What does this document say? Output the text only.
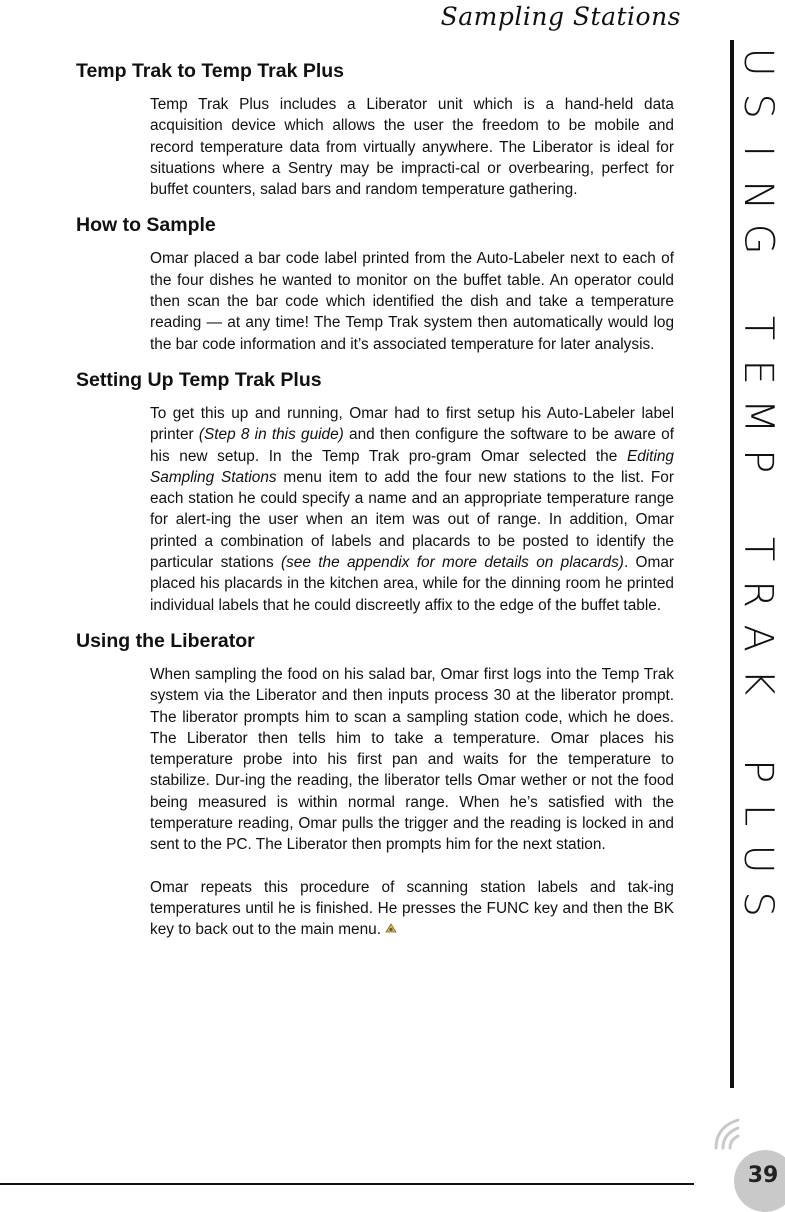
Sampling Stations
Temp Trak to Temp Trak Plus

Temp Trak Plus includes a Liberator unit which is a hand-held data acquisition device which allows the user the freedom to be mobile and record temperature data from virtually anywhere. The Liberator is ideal for situations where a Sentry may be impracti-cal or overbearing, perfect for buffet counters, salad bars and random temperature gathering.

How to Sample

Omar placed a bar code label printed from the Auto-Labeler next to each of the four dishes he wanted to monitor on the buffet table. An operator could then scan the bar code which identified the dish and take a temperature reading — at any time! The Temp Trak system then automatically would log the bar code information and it’s associated temperature for later analysis.

Setting Up Temp Trak Plus

To get this up and running, Omar had to first setup his Auto-Labeler label printer (Step 8 in this guide) and then configure the software to be aware of his new setup. In the Temp Trak pro-gram Omar selected the Editing Sampling Stations menu item to add the four new stations to the list. For each station he could specify a name and an appropriate temperature range for alert-ing the user when an item was out of range. In addition, Omar printed a combination of labels and placards to be posted to identify the particular stations (see the appendix for more details on placards). Omar placed his placards in the kitchen area, while for the dinning room he printed individual labels that he could discreetly affix to the edge of the buffet table.

Using the Liberator

When sampling the food on his salad bar, Omar first logs into the Temp Trak system via the Liberator and then inputs process 30 at the liberator prompt. The liberator prompts him to scan a sampling station code, which he does. The Liberator then tells him to take a temperature. Omar places his temperature probe into his first pan and waits for the temperature to stabilize. Dur-ing the reading, the liberator tells Omar wether or not the food being measured is within normal range. When he’s satisfied with the temperature reading, Omar pulls the trigger and the reading is locked in and sent to the PC. The Liberator then prompts him for the next station.

Omar repeats this procedure of scanning station labels and tak-ing temperatures until he is finished. He presses the FUNC key and then the BK key to back out to the main menu.

U
S
I
N
G
T
E
M
P
T
R
A
K
P
L
U
S
39
